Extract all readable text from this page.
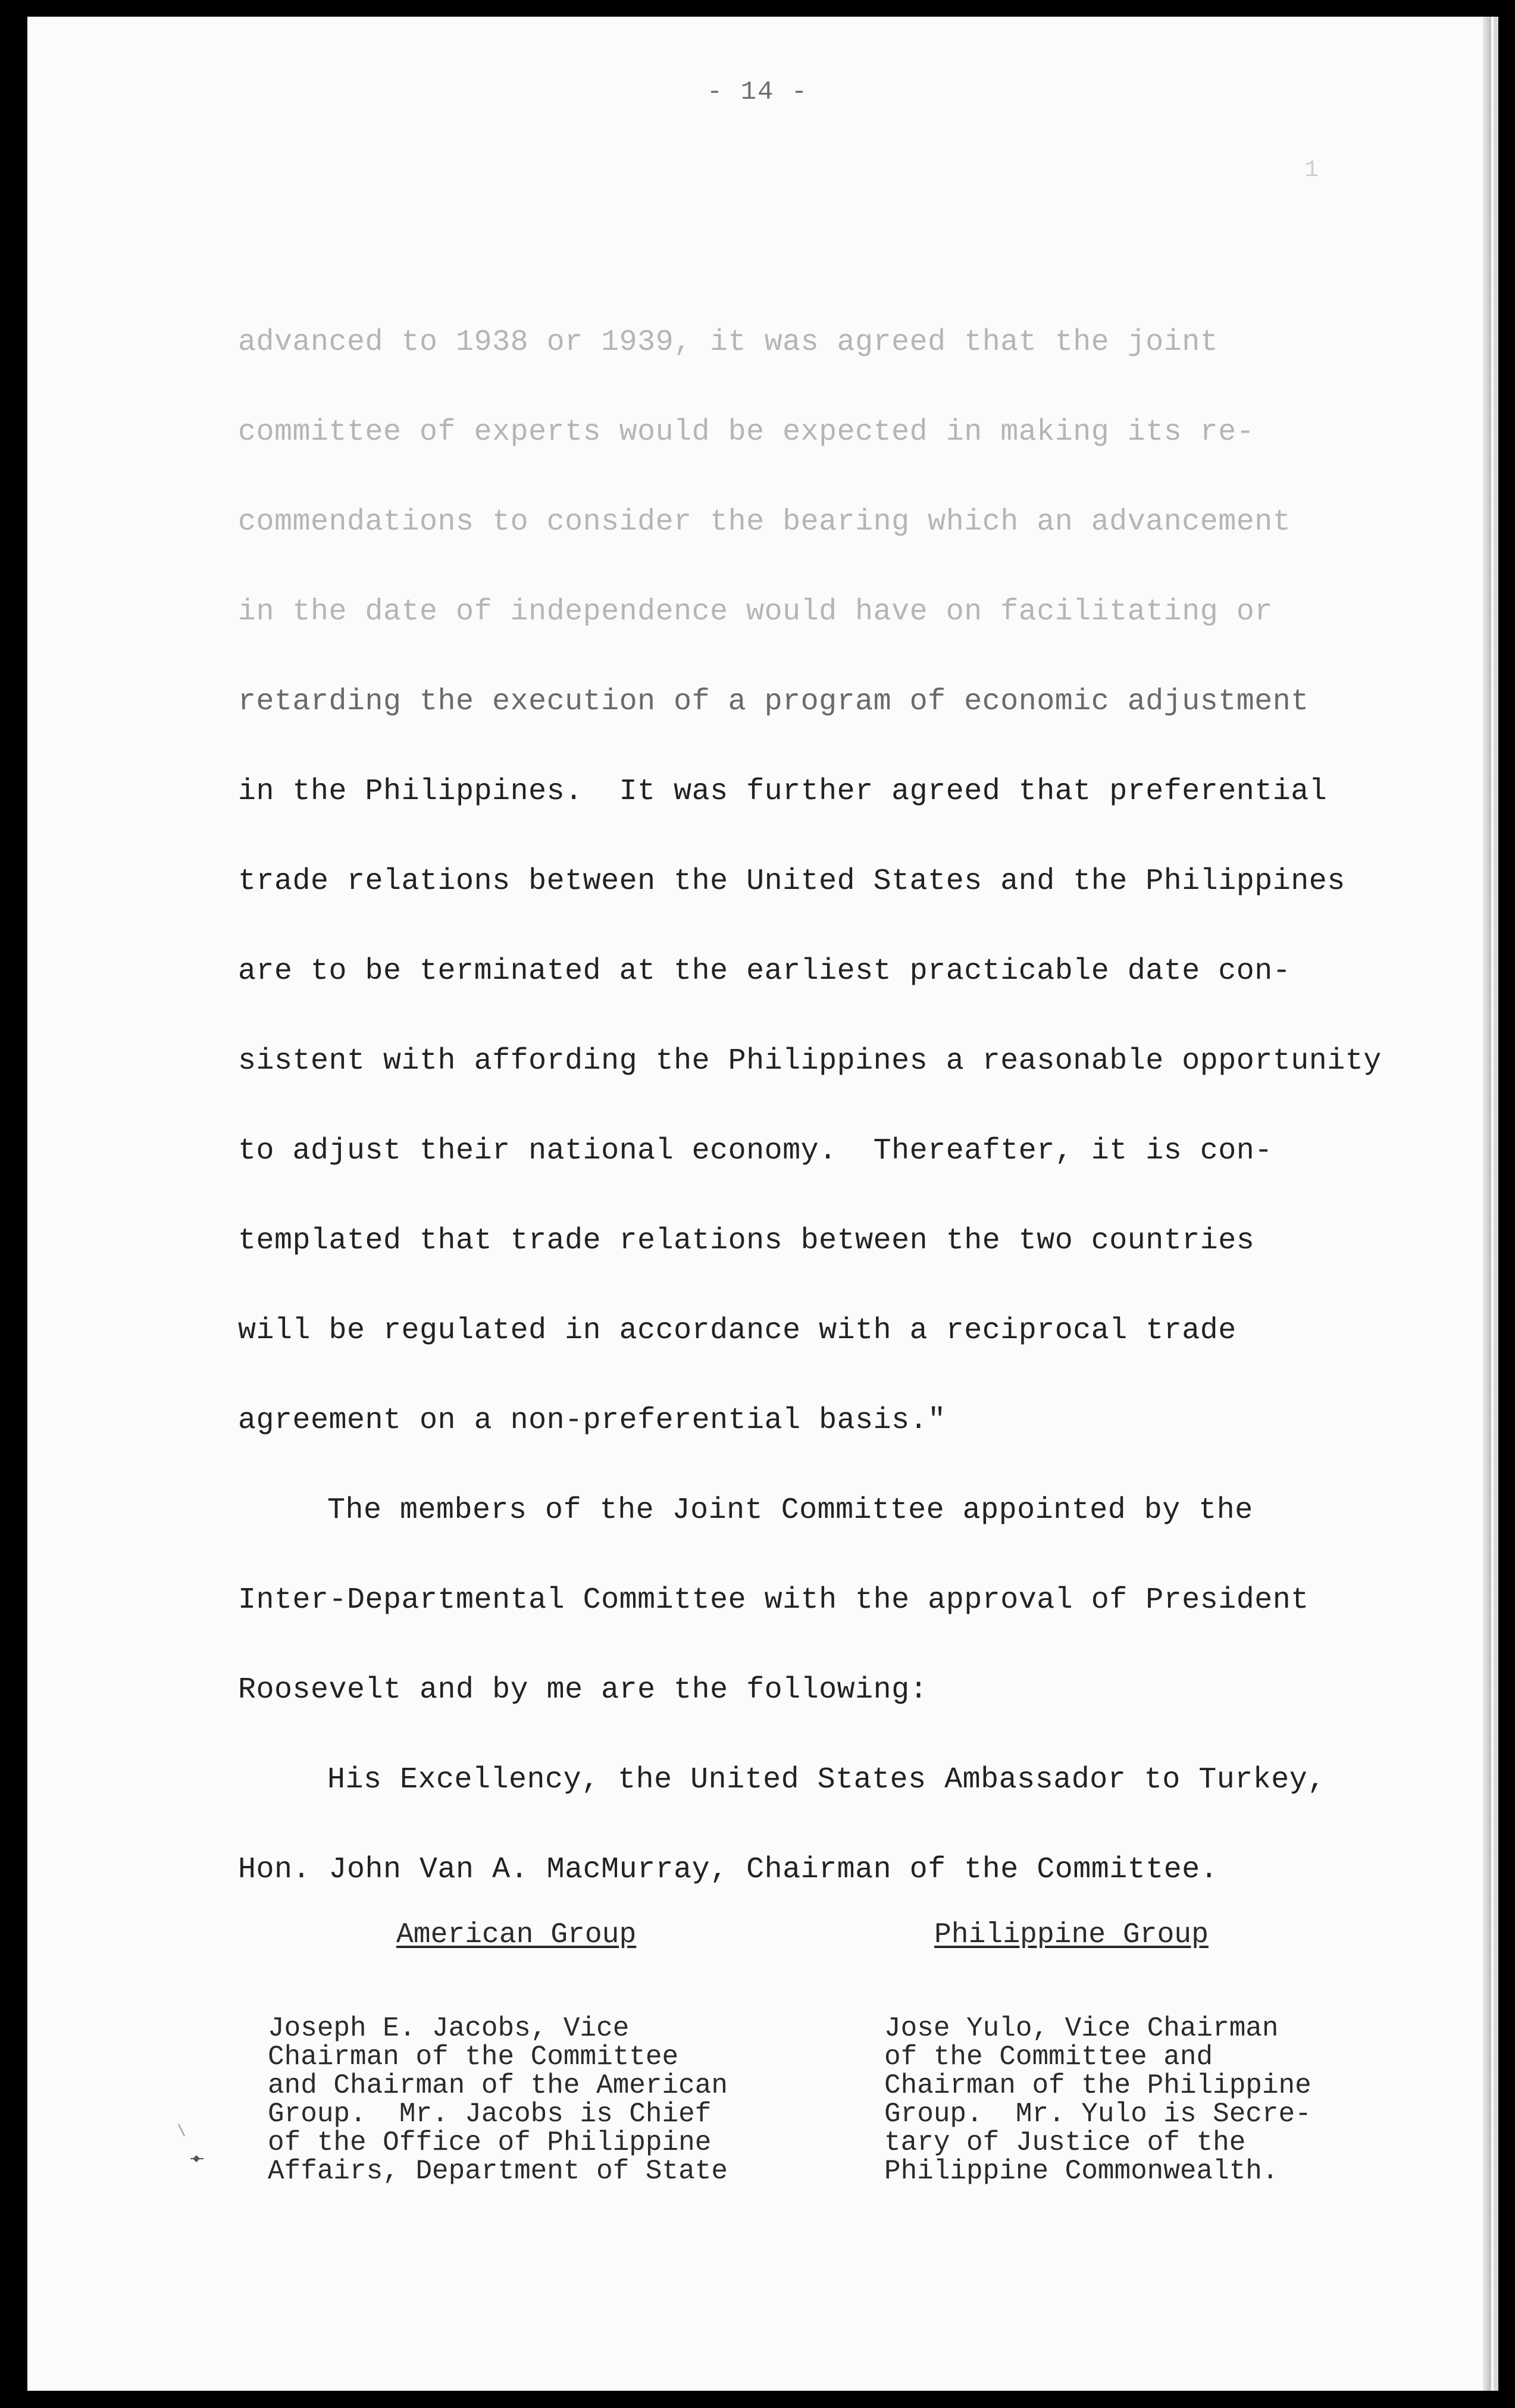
- 14 -
1
advanced to 1938 or 1939, it was agreed that the joint
committee of experts would be expected in making its re-
commendations to consider the bearing which an advancement
in the date of independence would have on facilitating or
retarding the execution of a program of economic adjustment
in the Philippines.  It was further agreed that preferential
trade relations between the United States and the Philippines
are to be terminated at the earliest practicable date con-
sistent with affording the Philippines a reasonable opportunity
to adjust their national economy.  Thereafter, it is con-
templated that trade relations between the two countries
will be regulated in accordance with a reciprocal trade
agreement on a non-preferential basis."
The members of the Joint Committee appointed by the
Inter-Departmental Committee with the approval of President
Roosevelt and by me are the following:
His Excellency, the United States Ambassador to Turkey,
Hon. John Van A. MacMurray, Chairman of the Committee.
American Group	Philippine Group
Joseph E. Jacobs, Vice
Chairman of the Committee
and Chairman of the American
Group.  Mr. Jacobs is Chief
of the Office of Philippine
Affairs, Department of State
Jose Yulo, Vice Chairman
of the Committee and
Chairman of the Philippine
Group.  Mr. Yulo is Secre-
tary of Justice of the
Philippine Commonwealth.
